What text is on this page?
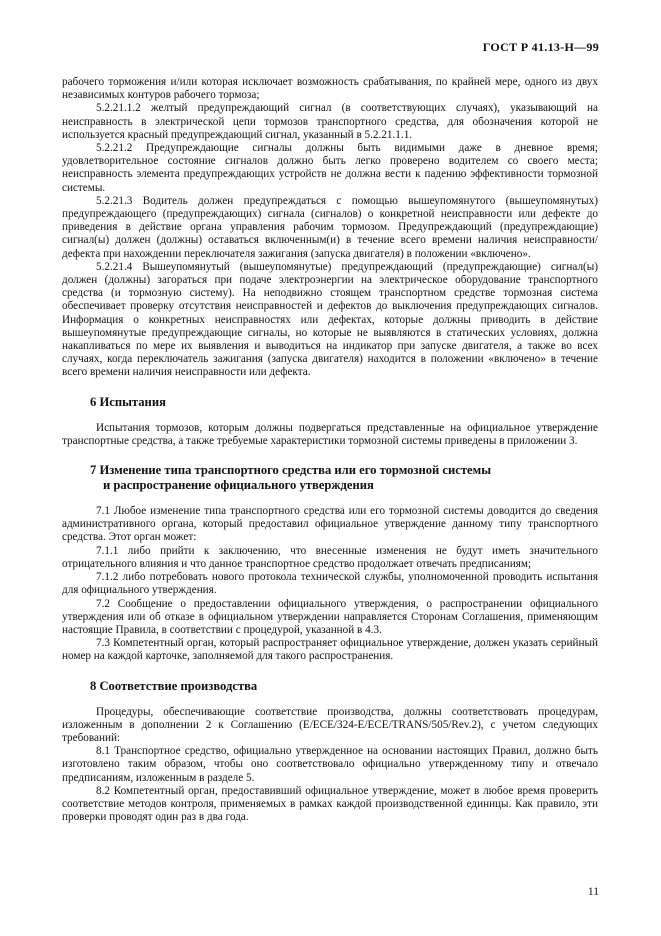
ГОСТ Р 41.13-Н—99

рабочего торможения и/или которая исключает возможность срабатывания, по крайней мере, одного из двух независимых контуров рабочего тормоза;

5.2.21.1.2 желтый предупреждающий сигнал (в соответствующих случаях), указывающий на неисправность в электрической цепи тормозов транспортного средства, для обозначения которой не используется красный предупреждающий сигнал, указанный в 5.2.21.1.1.

5.2.21.2 Предупреждающие сигналы должны быть видимыми даже в дневное время; удовлетворительное состояние сигналов должно быть легко проверено водителем со своего места; неисправность элемента предупреждающих устройств не должна вести к падению эффективности тормозной системы.

5.2.21.3 Водитель должен предупреждаться с помощью вышеупомянутого (вышеупомянутых) предупреждающего (предупреждающих) сигнала (сигналов) о конкретной неисправности или дефекте до приведения в действие органа управления рабочим тормозом. Предупреждающий (предупреждающие) сигнал(ы) должен (должны) оставаться включенным(и) в течение всего времени наличия неисправности/дефекта при нахождении переключателя зажигания (запуска двигателя) в положении «включено».

5.2.21.4 Вышеупомянутый (вышеупомянутые) предупреждающий (предупреждающие) сигнал(ы) должен (должны) загораться при подаче электроэнергии на электрическое оборудование транспортного средства (и тормозную систему). На неподвижно стоящем транспортном средстве тормозная система обеспечивает проверку отсутствия неисправностей и дефектов до выключения предупреждающих сигналов. Информация о конкретных неисправностях или дефектах, которые должны приводить в действие вышеупомянутые предупреждающие сигналы, но которые не выявляются в статических условиях, должна накапливаться по мере их выявления и выводиться на индикатор при запуске двигателя, а также во всех случаях, когда переключатель зажигания (запуска двигателя) находится в положении «включено» в течение всего времени наличия неисправности или дефекта.

6 Испытания

Испытания тормозов, которым должны подвергаться представленные на официальное утверждение транспортные средства, а также требуемые характеристики тормозной системы приведены в приложении 3.

7 Изменение типа транспортного средства или его тормозной системы
и распространение официального утверждения

7.1 Любое изменение типа транспортного средства или его тормозной системы доводится до сведения административного органа, который предоставил официальное утверждение данному типу транспортного средства. Этот орган может:

7.1.1 либо прийти к заключению, что внесенные изменения не будут иметь значительного отрицательного влияния и что данное транспортное средство продолжает отвечать предписаниям;

7.1.2 либо потребовать нового протокола технической службы, уполномоченной проводить испытания для официального утверждения.

7.2 Сообщение о предоставлении официального утверждения, о распространении официального утверждения или об отказе в официальном утверждении направляется Сторонам Соглашения, применяющим настоящие Правила, в соответствии с процедурой, указанной в 4.3.

7.3 Компетентный орган, который распространяет официальное утверждение, должен указать серийный номер на каждой карточке, заполняемой для такого распространения.

8 Соответствие производства

Процедуры, обеспечивающие соответствие производства, должны соответствовать процедурам, изложенным в дополнении 2 к Соглашению (E/ECE/324-E/ECE/TRANS/505/Rev.2), с учетом следующих требований:

8.1 Транспортное средство, официально утвержденное на основании настоящих Правил, должно быть изготовлено таким образом, чтобы оно соответствовало официально утвержденному типу и отвечало предписаниям, изложенным в разделе 5.

8.2 Компетентный орган, предоставивший официальное утверждение, может в любое время проверить соответствие методов контроля, применяемых в рамках каждой производственной единицы. Как правило, эти проверки проводят один раз в два года.

11
